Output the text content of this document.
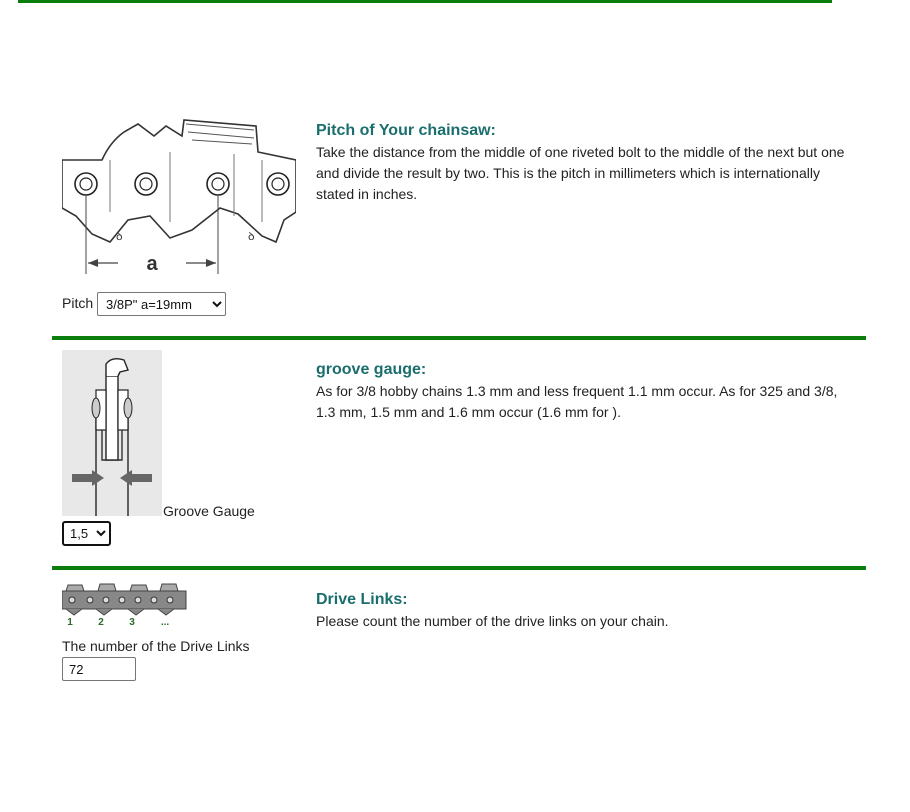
ꝺ	ꝺ
a
Pitch of Your chainsaw:

Take the distance from the middle of one riveted bolt to the middle of the next but one and divide the result by two. This is the pitch in millimeters which is internationally stated in inches.

Pitch
3/8P" a=19mm
Groove Gauge
1,5
groove gauge:

As for 3/8 hobby chains 1.3 mm and less frequent 1.1 mm occur. As for 325 and 3/8, 1.3 mm, 1.5 mm and 1.6 mm occur (1.6 mm for ).

1	2	3	...
The number of the Drive Links
72
Drive Links:

Please count the number of the drive links on your chain.
